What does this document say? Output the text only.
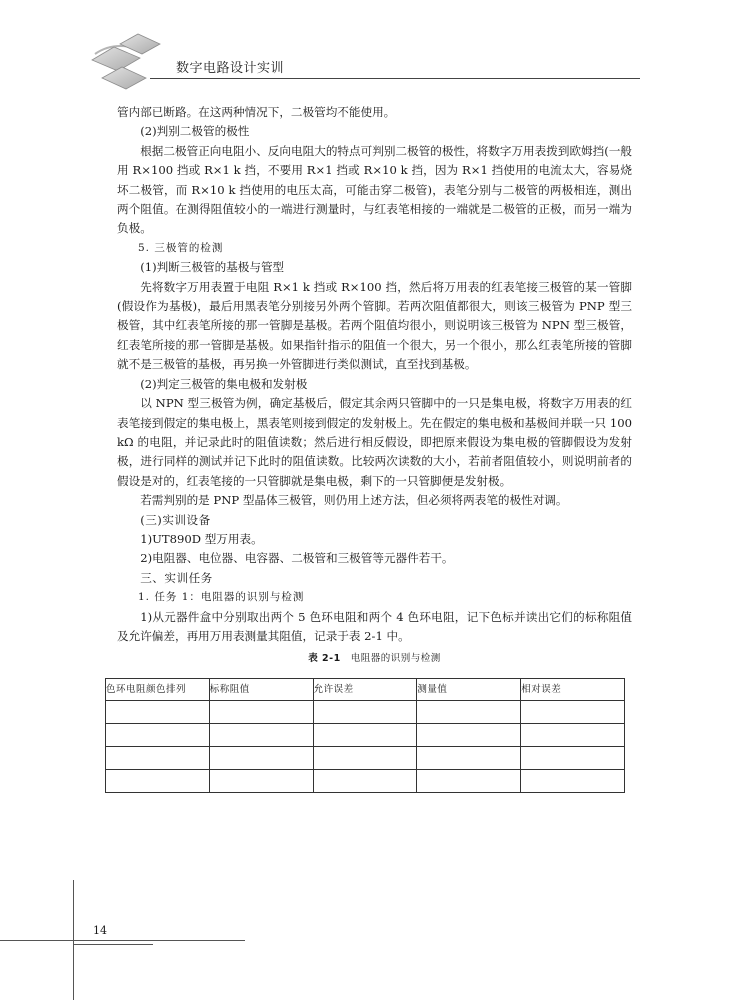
数字电路设计实训

管内部已断路。在这两种情况下，二极管均不能使用。

(2)判别二极管的极性

根据二极管正向电阻小、反向电阻大的特点可判别二极管的极性，将数字万用表拨到欧姆挡(一般用 R×100 挡或 R×1 k 挡，不要用 R×1 挡或 R×10 k 挡，因为 R×1 挡使用的电流太大，容易烧坏二极管，而 R×10 k 挡使用的电压太高，可能击穿二极管)，表笔分别与二极管的两极相连，测出两个阻值。在测得阻值较小的一端进行测量时，与红表笔相接的一端就是二极管的正极，而另一端为负极。

5. 三极管的检测

(1)判断三极管的基极与管型

先将数字万用表置于电阻 R×1 k 挡或 R×100 挡，然后将万用表的红表笔接三极管的某一管脚(假设作为基极)，最后用黑表笔分别接另外两个管脚。若两次阻值都很大，则该三极管为 PNP 型三极管，其中红表笔所接的那一管脚是基极。若两个阻值均很小，则说明该三极管为 NPN 型三极管，红表笔所接的那一管脚是基极。如果指针指示的阻值一个很大，另一个很小，那么红表笔所接的管脚就不是三极管的基极，再另换一外管脚进行类似测试，直至找到基极。

(2)判定三极管的集电极和发射极

以 NPN 型三极管为例，确定基极后，假定其余两只管脚中的一只是集电极，将数字万用表的红表笔接到假定的集电极上，黑表笔则接到假定的发射极上。先在假定的集电极和基极间并联一只 100 kΩ 的电阻，并记录此时的阻值读数；然后进行相反假设，即把原来假设为集电极的管脚假设为发射极，进行同样的测试并记下此时的阻值读数。比较两次读数的大小，若前者阻值较小，则说明前者的假设是对的，红表笔接的一只管脚就是集电极，剩下的一只管脚便是发射极。

若需判别的是 PNP 型晶体三极管，则仍用上述方法，但必须将两表笔的极性对调。

(三)实训设备

1)UT890D 型万用表。

2)电阻器、电位器、电容器、二极管和三极管等元器件若干。

三、实训任务

1. 任务 1：电阻器的识别与检测

1)从元器件盒中分别取出两个 5 色环电阻和两个 4 色环电阻，记下色标并读出它们的标称阻值及允许偏差，再用万用表测量其阻值，记录于表 2-1 中。

表 2-1 电阻器的识别与检测
色环电阻颜色排列	标称阻值	允许误差	测量值	相对误差

14
